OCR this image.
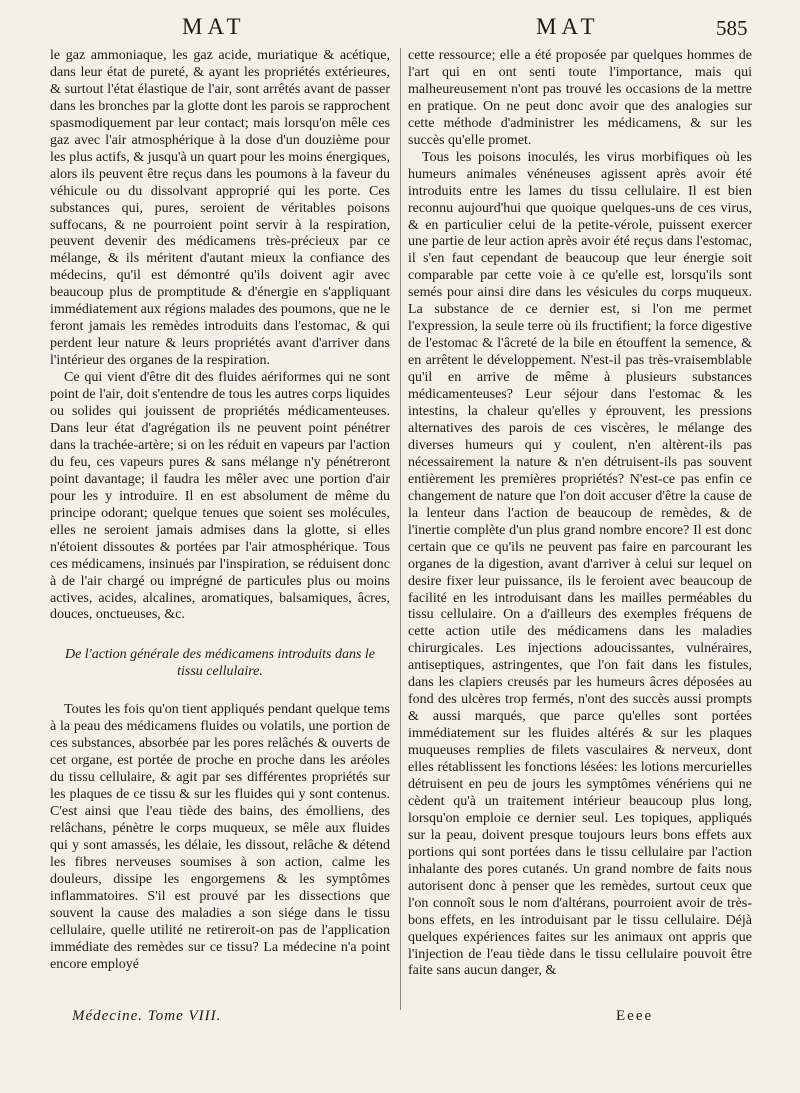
MAT	MAT	585

le gaz ammoniaque, les gaz acide, muriatique & acétique, dans leur état de pureté, & ayant les propriétés extérieures, & surtout l'état élastique de l'air, sont arrêtés avant de passer dans les bronches par la glotte dont les parois se rapprochent spasmodiquement par leur contact; mais lorsqu'on mêle ces gaz avec l'air atmosphérique à la dose d'un douzième pour les plus actifs, & jusqu'à un quart pour les moins énergiques, alors ils peuvent être reçus dans les poumons à la faveur du véhicule ou du dissolvant approprié qui les porte. Ces substances qui, pures, seroient de véritables poisons suffocans, & ne pourroient point servir à la respiration, peuvent devenir des médicamens très-précieux par ce mélange, & ils méritent d'autant mieux la confiance des médecins, qu'il est démontré qu'ils doivent agir avec beaucoup plus de promptitude & d'énergie en s'appliquant immédiatement aux régions malades des poumons, que ne le feront jamais les remèdes introduits dans l'estomac, & qui perdent leur nature & leurs propriétés avant d'arriver dans l'intérieur des organes de la respiration.

Ce qui vient d'être dit des fluides aériformes qui ne sont point de l'air, doit s'entendre de tous les autres corps liquides ou solides qui jouissent de propriétés médicamenteuses. Dans leur état d'agrégation ils ne peuvent point pénétrer dans la trachée-artère; si on les réduit en vapeurs par l'action du feu, ces vapeurs pures & sans mélange n'y pénétreront point davantage; il faudra les mêler avec une portion d'air pour les y introduire. Il en est absolument de même du principe odorant; quelque tenues que soient ses molécules, elles ne seroient jamais admises dans la glotte, si elles n'étoient dissoutes & portées par l'air atmosphérique. Tous ces médicamens, insinués par l'inspiration, se réduisent donc à de l'air chargé ou imprégné de particules plus ou moins actives, acides, alcalines, aromatiques, balsamiques, âcres, douces, onctueuses, &c.

De l'action générale des médicamens introduits dans le tissu cellulaire.

Toutes les fois qu'on tient appliqués pendant quelque tems à la peau des médicamens fluides ou volatils, une portion de ces substances, absorbée par les pores relâchés & ouverts de cet organe, est portée de proche en proche dans les aréoles du tissu cellulaire, & agit par ses différentes propriétés sur les plaques de ce tissu & sur les fluides qui y sont contenus. C'est ainsi que l'eau tiède des bains, des émolliens, des relâchans, pénètre le corps muqueux, se mêle aux fluides qui y sont amassés, les délaie, les dissout, relâche & détend les fibres nerveuses soumises à son action, calme les douleurs, dissipe les engorgemens & les symptômes inflammatoires. S'il est prouvé par les dissections que souvent la cause des maladies a son siége dans le tissu cellulaire, quelle utilité ne retireroit-on pas de l'application immédiate des remèdes sur ce tissu? La médecine n'a point encore employé

cette ressource; elle a été proposée par quelques hommes de l'art qui en ont senti toute l'importance, mais qui malheureusement n'ont pas trouvé les occasions de la mettre en pratique. On ne peut donc avoir que des analogies sur cette méthode d'administrer les médicamens, & sur les succès qu'elle promet.

Tous les poisons inoculés, les virus morbifiques où les humeurs animales vénéneuses agissent après avoir été introduits entre les lames du tissu cellulaire. Il est bien reconnu aujourd'hui que quoique quelques-uns de ces virus, & en particulier celui de la petite-vérole, puissent exercer une partie de leur action après avoir été reçus dans l'estomac, il s'en faut cependant de beaucoup que leur énergie soit comparable par cette voie à ce qu'elle est, lorsqu'ils sont semés pour ainsi dire dans les vésicules du corps muqueux. La substance de ce dernier est, si l'on me permet l'expression, la seule terre où ils fructifient; la force digestive de l'estomac & l'âcreté de la bile en étouffent la semence, & en arrêtent le développement. N'est-il pas très-vraisemblable qu'il en arrive de même à plusieurs substances médicamenteuses? Leur séjour dans l'estomac & les intestins, la chaleur qu'elles y éprouvent, les pressions alternatives des parois de ces viscères, le mélange des diverses humeurs qui y coulent, n'en altèrent-ils pas nécessairement la nature & n'en détruisent-ils pas souvent entièrement les premières propriétés? N'est-ce pas enfin ce changement de nature que l'on doit accuser d'être la cause de la lenteur dans l'action de beaucoup de remèdes, & de l'inertie complète d'un plus grand nombre encore? Il est donc certain que ce qu'ils ne peuvent pas faire en parcourant les organes de la digestion, avant d'arriver à celui sur lequel on desire fixer leur puissance, ils le feroient avec beaucoup de facilité en les introduisant dans les mailles perméables du tissu cellulaire. On a d'ailleurs des exemples fréquens de cette action utile des médicamens dans les maladies chirurgicales. Les injections adoucissantes, vulnéraires, antiseptiques, astringentes, que l'on fait dans les fistules, dans les clapiers creusés par les humeurs âcres déposées au fond des ulcères trop fermés, n'ont des succès aussi prompts & aussi marqués, que parce qu'elles sont portées immédiatement sur les fluides altérés & sur les plaques muqueuses remplies de filets vasculaires & nerveux, dont elles rétablissent les fonctions lésées: les lotions mercurielles détruisent en peu de jours les symptômes vénériens qui ne cèdent qu'à un traitement intérieur beaucoup plus long, lorsqu'on emploie ce dernier seul. Les topiques, appliqués sur la peau, doivent presque toujours leurs bons effets aux portions qui sont portées dans le tissu cellulaire par l'action inhalante des pores cutanés. Un grand nombre de faits nous autorisent donc à penser que les remèdes, surtout ceux que l'on connoît sous le nom d'altérans, pourroient avoir de très-bons effets, en les introduisant par le tissu cellulaire. Déjà quelques expériences faites sur les animaux ont appris que l'injection de l'eau tiède dans le tissu cellulaire pouvoit être faite sans aucun danger, &

Médecine. Tome VIII.	Eeee
